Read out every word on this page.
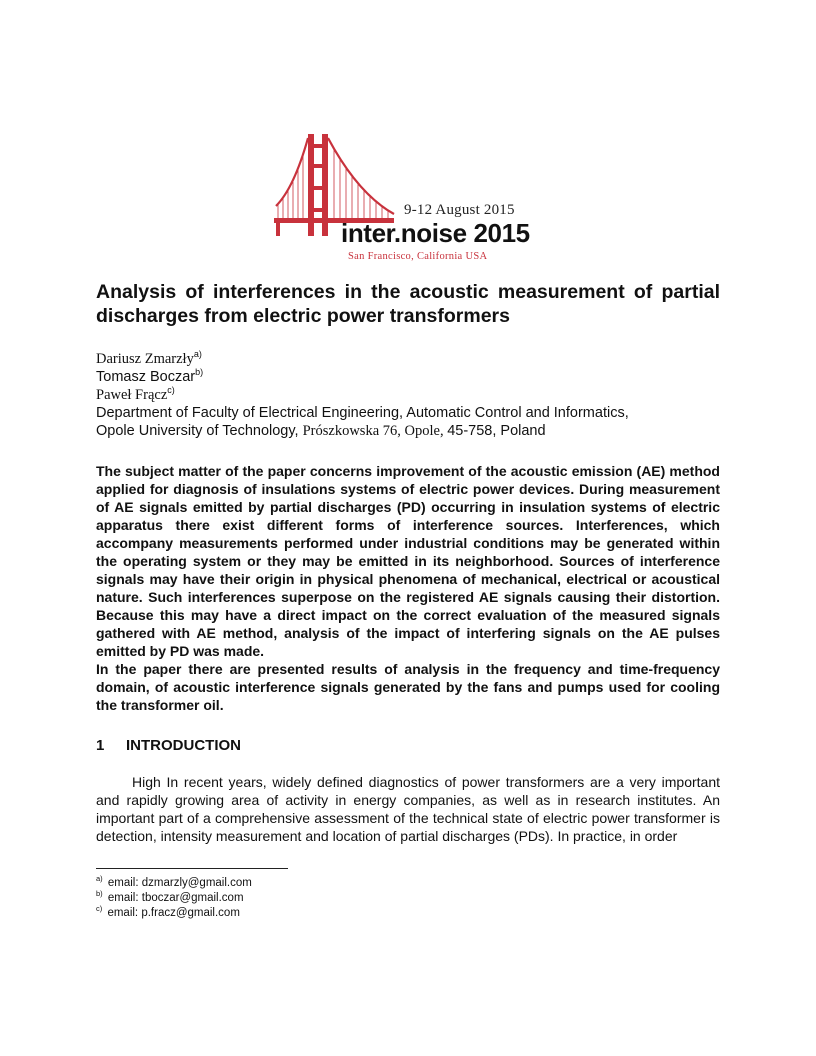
9-12 August 2015
inter.noise 2015
San Francisco, California USA
Analysis of interferences in the acoustic measurement of partial discharges from electric power transformers
Dariusz Zmarzły$^{a)}$
Tomasz Boczar$^{b)}$
Paweł Frącz$^{c)}$
Department of Faculty of Electrical Engineering, Automatic Control and Informatics,
Opole University of Technology, Prószkowska 76, Opole, 45-758, Poland

The subject matter of the paper concerns improvement of the acoustic emission (AE) method applied for diagnosis of insulations systems of electric power devices. During measurement of AE signals emitted by partial discharges (PD) occurring in insulation systems of electric apparatus there exist different forms of interference sources. Interferences, which accompany measurements performed under industrial conditions may be generated within the operating system or they may be emitted in its neighborhood. Sources of interference signals may have their origin in physical phenomena of mechanical, electrical or acoustical nature. Such interferences superpose on the registered AE signals causing their distortion. Because this may have a direct impact on the correct evaluation of the measured signals gathered with AE method, analysis of the impact of interfering signals on the AE pulses emitted by PD was made.

In the paper there are presented results of analysis in the frequency and time-frequency domain, of acoustic interference signals generated by the fans and pumps used for cooling the transformer oil.

1 INTRODUCTION

High In recent years, widely defined diagnostics of power transformers are a very important and rapidly growing area of activity in energy companies, as well as in research institutes. An important part of a comprehensive assessment of the technical state of electric power transformer is detection, intensity measurement and location of partial discharges (PDs). In practice, in order

$^{a)}$ email: dzmarzly@gmail.com
$^{b)}$ email: tboczar@gmail.com
$^{c)}$ email: p.fracz@gmail.com
